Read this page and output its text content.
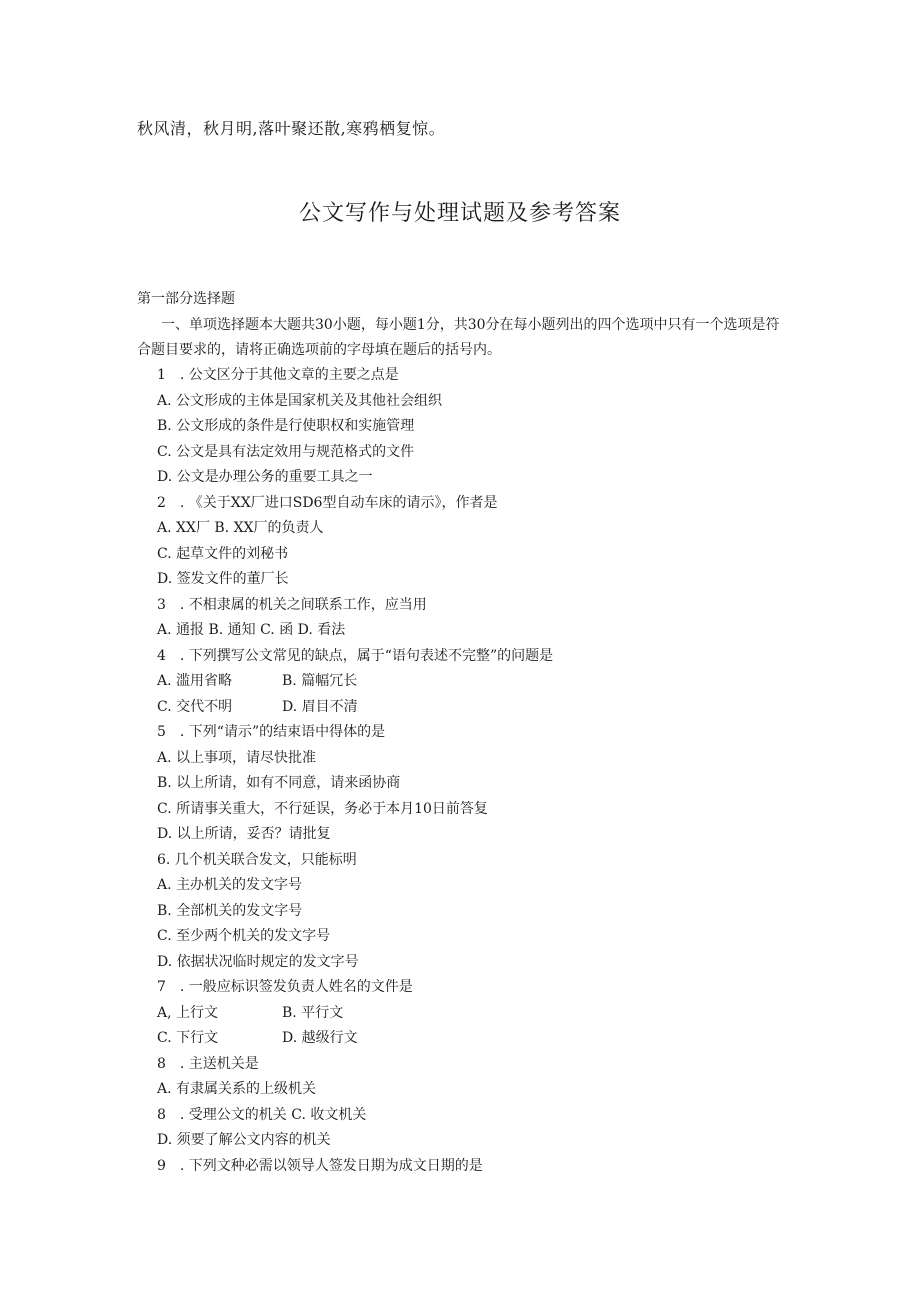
秋风清，秋月明,落叶聚还散,寒鸦栖复惊。
公文写作与处理试题及参考答案
第一部分选择题
一、单项选择题本大题共30小题，每小题1分，共30分在每小题列出的四个选项中只有一个选项是符合题目要求的，请将正确选项前的字母填在题后的括号内。
1　. 公文区分于其他文章的主要之点是
A. 公文形成的主体是国家机关及其他社会组织
B. 公文形成的条件是行使职权和实施管理
C. 公文是具有法定效用与规范格式的文件
D. 公文是办理公务的重要工具之一
2　. 《关于XX厂进口SD6型自动车床的请示》，作者是
A. XX厂 B. XX厂的负责人
C. 起草文件的刘秘书
D. 签发文件的董厂长
3　. 不相隶属的机关之间联系工作，应当用
A. 通报 B. 通知 C. 函 D. 看法
4　. 下列撰写公文常见的缺点，属于“语句表述不完整”的问题是
A. 滥用省略	B. 篇幅冗长
C. 交代不明	D. 眉目不清
5　. 下列“请示”的结束语中得体的是
A. 以上事项，请尽快批准
B. 以上所请，如有不同意，请来函协商
C. 所请事关重大，不行延误，务必于本月10日前答复
D. 以上所请，妥否？请批复
6. 几个机关联合发文，只能标明
A. 主办机关的发文字号
B. 全部机关的发文字号
C. 至少两个机关的发文字号
D. 依据状况临时规定的发文字号
7　. 一般应标识签发负责人姓名的文件是
A, 上行文	B. 平行文
C. 下行文	D. 越级行文
8　. 主送机关是
A. 有隶属关系的上级机关
8　. 受理公文的机关 C. 收文机关
D. 须要了解公文内容的机关
9　. 下列文种必需以领导人签发日期为成文日期的是
